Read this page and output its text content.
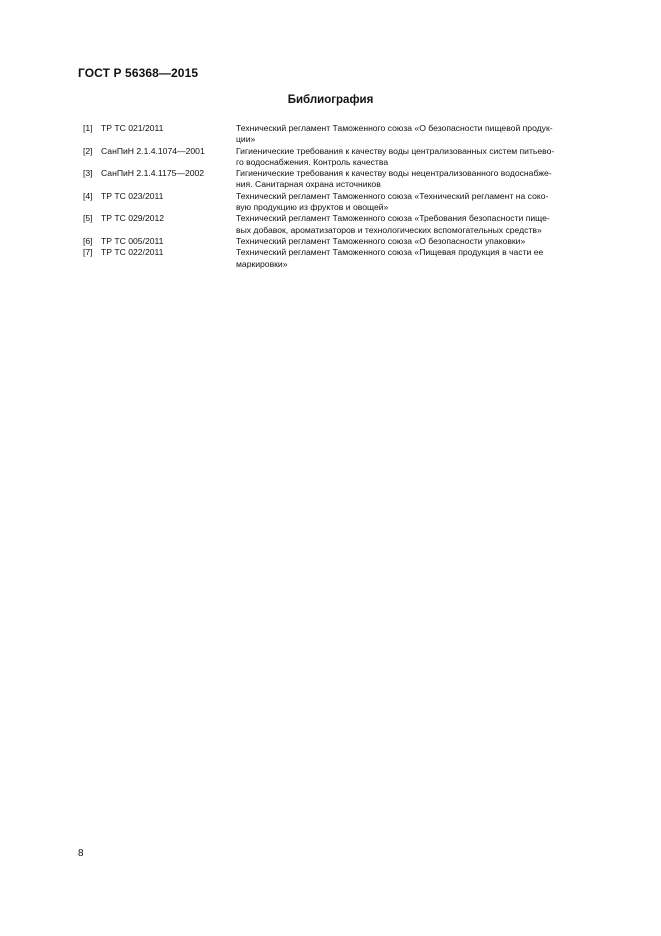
ГОСТ Р 56368—2015
Библиография
[1] ТР ТС 021/2011	Технический регламент Таможенного союза «О безопасности пищевой продук-
ции»
[2] СанПиН 2.1.4.1074—2001	Гигиенические требования к качеству воды централизованных систем питьево-
го водоснабжения. Контроль качества
[3] СанПиН 2.1.4.1175—2002	Гигиенические требования к качеству воды нецентрализованного водоснабже-
ния. Санитарная охрана источников
[4] ТР ТС 023/2011	Технический регламент Таможенного союза «Технический регламент на соко-
вую продукцию из фруктов и овощей»
[5] ТР ТС 029/2012	Технический регламент Таможенного союза «Требования безопасности пище-
вых добавок, ароматизаторов и технологических вспомогательных средств»
[6] ТР ТС 005/2011	Технический регламент Таможенного союза «О безопасности упаковки»
[7] ТР ТС 022/2011	Технический регламент Таможенного союза «Пищевая продукция в части ее
маркировки»
8
